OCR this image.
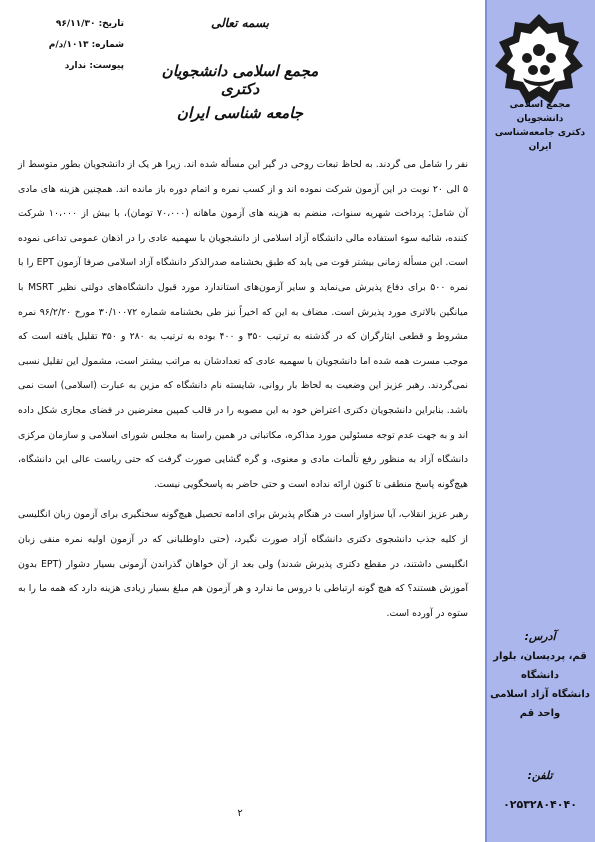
مجمع اسلامی
دانشجویان
دکتری جامعه‌شناسی
ایران
آدرس:
قم، پردیسان، بلوار دانشگاه
دانشگاه آزاد اسلامی واحد قم
تلفن:
۰۲۵۳۲۸۰۴۰۴۰
تاریخ: ۹۶/۱۱/۳۰
شماره: ۱۰۱۳/د/م
پیوست: ندارد
بسمه تعالی
مجمع اسلامی دانشجویان دکتری
جامعه شناسی ایران

نفر را شامل می گردند. به لحاظ تبعات روحی در گیر این مسأله شده اند. زیرا هر یک از دانشجویان بطور متوسط از ۵ الی ۲۰ نوبت در این آزمون شرکت نموده اند و از کسب نمره و اتمام دوره باز مانده اند. همچنین هزینه های مادی آن شامل: پرداخت شهریه سنوات، منضم به هزینه های آزمون ماهانه (۷۰،۰۰۰ تومان)، با بیش از ۱۰،۰۰۰ شرکت کننده، شائبه سوء استفاده مالی دانشگاه آزاد اسلامی از دانشجویان با سهمیه عادی را در اذهان عمومی تداعی نموده است. این مسأله زمانی بیشتر قوت می یابد که طبق بخشنامه صدرالذکر دانشگاه آزاد اسلامی صرفا آزمون EPT را با نمره ۵۰۰ برای دفاع پذیرش می‌نماید و سایر آزمون‌های استاندارد مورد قبول دانشگاه‌های دولتی نظیر MSRT با میانگین بالاتری مورد پذیرش است. مضاف به این که اخیراً نیز طی بخشنامه شماره ۳۰/۱۰۰۷۲ مورخ ۹۶/۲/۲۰ نمره مشروط و قطعی ایثارگران که در گذشته به ترتیب ۳۵۰ و ۴۰۰ بوده به ترتیب به ۲۸۰ و ۳۵۰ تقلیل یافته است که موجب مسرت همه شده اما دانشجویان با سهمیه عادی که تعدادشان به مراتب بیشتر است، مشمول این تقلیل نسبی نمی‌گردند. رهبر عزیز این وضعیت به لحاظ بار روانی، شایسته نام دانشگاه که مزین به عبارت (اسلامی) است نمی باشد. بنابراین دانشجویان دکتری اعتراض خود به این مصوبه را در قالب کمپین معترضین در فضای مجازی شکل داده اند و به جهت عدم توجه مسئولین مورد مذاکره، مکاتباتی در همین راستا به مجلس شورای اسلامی و سازمان مرکزی دانشگاه آزاد به منظور رفع تألمات مادی و معنوی، و گره گشایی صورت گرفت که حتی ریاست عالی این دانشگاه، هیچ‌گونه پاسخ منطقی تا کنون ارائه نداده است و حتی حاضر به پاسخگویی نیست.

رهبر عزیز انقلاب، آیا سزاوار است در هنگام پذیرش برای ادامه تحصیل هیچ‌گونه سختگیری برای آزمون زبان انگلیسی از کلیه جذب دانشجوی دکتری دانشگاه آزاد صورت نگیرد، (حتی داوطلبانی که در آزمون اولیه نمره منفی زبان انگلیسی داشتند، در مقطع دکتری پذیرش شدند) ولی بعد از آن خواهان گذراندن آزمونی بسیار دشوار (EPT بدون آموزش هستند؟ که هیچ گونه ارتباطی با دروس ما ندارد و هر آزمون هم مبلغ بسیار زیادی هزینه دارد که همه ما را به ستوه در آورده است.

۲
